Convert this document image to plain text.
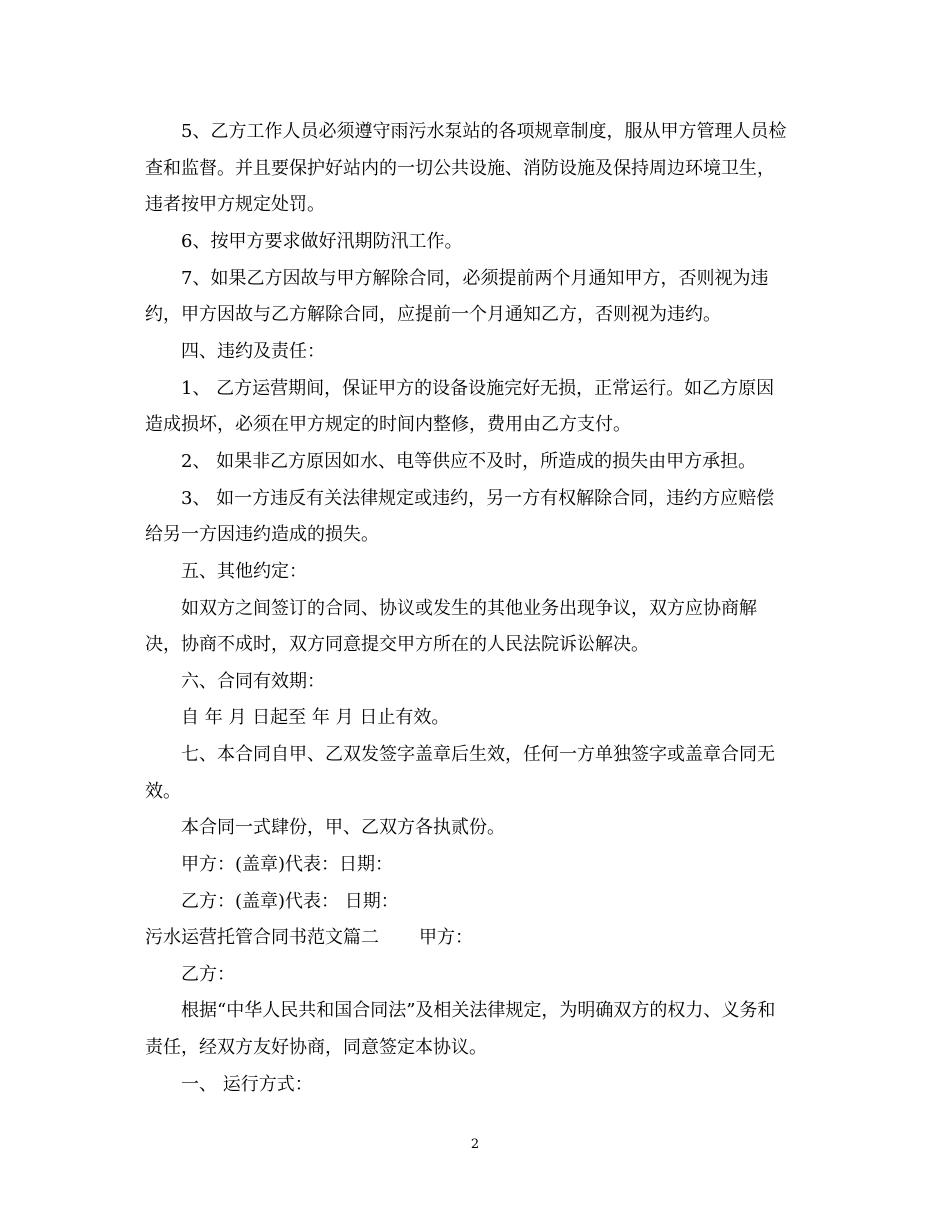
5、乙方工作人员必须遵守雨污水泵站的各项规章制度，服从甲方管理人员检
查和监督。并且要保护好站内的一切公共设施、消防设施及保持周边环境卫生，
违者按甲方规定处罚。
6、按甲方要求做好汛期防汛工作。
7、如果乙方因故与甲方解除合同，必须提前两个月通知甲方，否则视为违
约，甲方因故与乙方解除合同，应提前一个月通知乙方，否则视为违约。
四、违约及责任：
1、 乙方运营期间，保证甲方的设备设施完好无损，正常运行。如乙方原因
造成损坏，必须在甲方规定的时间内整修，费用由乙方支付。
2、 如果非乙方原因如水、电等供应不及时，所造成的损失由甲方承担。
3、 如一方违反有关法律规定或违约，另一方有权解除合同，违约方应赔偿
给另一方因违约造成的损失。
五、其他约定：
如双方之间签订的合同、协议或发生的其他业务出现争议，双方应协商解
决，协商不成时，双方同意提交甲方所在的人民法院诉讼解决。
六、合同有效期：
自 年 月 日起至 年 月 日止有效。
七、本合同自甲、乙双发签字盖章后生效，任何一方单独签字或盖章合同无
效。
本合同一式肆份，甲、乙双方各执贰份。
甲方：(盖章)代表：日期：
乙方：(盖章)代表： 日期：
污水运营托管合同书范文篇二 甲方：
乙方：
根据“中华人民共和国合同法”及相关法律规定，为明确双方的权力、义务和
责任，经双方友好协商，同意签定本协议。
一、 运行方式：
2
